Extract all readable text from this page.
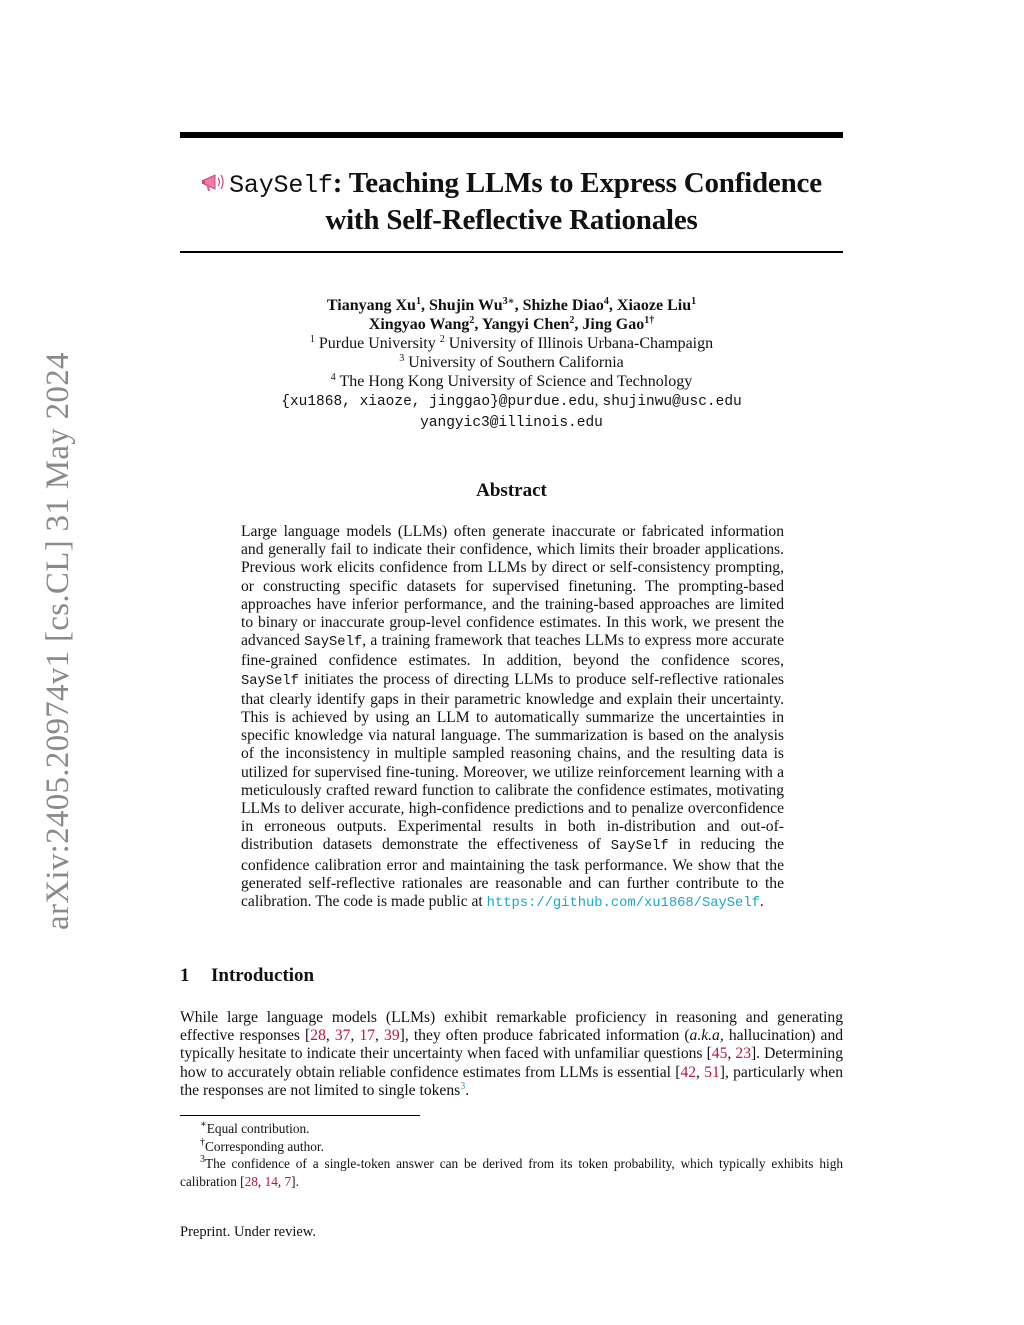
arXiv:2405.20974v1 [cs.CL] 31 May 2024
SaySelf: Teaching LLMs to Express Confidence
with Self-Reflective Rationales
Tianyang Xu$^1$, Shujin $Wu^{3∗}$, Shizhe Diao$^4$, Xiaoze Liu$^1$
Xingyao Wang$^2$, Yangyi Chen$^2$, Jing Gao$^{1\dagger}$
$^1$ Purdue University $^2$ University of Illinois Urbana-Champaign
$^3$ University of Southern California
$^4$ The Hong Kong University of Science and Technology
{xu1868, xiaoze, jinggao}@purdue.edu, shujinwu@usc.edu
yangyic3@illinois.edu
Abstract
Large language models (LLMs) often generate inaccurate or fabricated information and generally fail to indicate their confidence, which limits their broader applications. Previous work elicits confidence from LLMs by direct or self-consistency prompting, or constructing specific datasets for supervised finetuning. The prompting-based approaches have inferior performance, and the training-based approaches are limited to binary or inaccurate group-level confidence estimates. In this work, we present the advanced SaySelf, a training framework that teaches LLMs to express more accurate fine-grained confidence estimates. In addition, beyond the confidence scores, SaySelf initiates the process of directing LLMs to produce self-reflective rationales that clearly identify gaps in their parametric knowledge and explain their uncertainty. This is achieved by using an LLM to automatically summarize the uncertainties in specific knowledge via natural language. The summarization is based on the analysis of the inconsistency in multiple sampled reasoning chains, and the resulting data is utilized for supervised fine-tuning. Moreover, we utilize reinforcement learning with a meticulously crafted reward function to calibrate the confidence estimates, motivating LLMs to deliver accurate, high-confidence predictions and to penalize overconfidence in erroneous outputs. Experimental results in both in-distribution and out-of-distribution datasets demonstrate the effectiveness of SaySelf in reducing the confidence calibration error and maintaining the task performance. We show that the generated self-reflective rationales are reasonable and can further contribute to the calibration. The code is made public at https://github.com/xu1868/SaySelf.
1 Introduction
While large language models (LLMs) exhibit remarkable proficiency in reasoning and generating effective responses [28, 37, 17, 39], they often produce fabricated information (a.k.a, hallucination) and typically hesitate to indicate their uncertainty when faced with unfamiliar questions [45, 23]. Determining how to accurately obtain reliable confidence estimates from LLMs is essential [42, 51], particularly when the responses are not limited to single tokens$^3$.
∗Equal contribution.
†Corresponding author.
$^3$The confidence of a single-token answer can be derived from its token probability, which typically exhibits high calibration [28, 14, 7].
Preprint. Under review.
